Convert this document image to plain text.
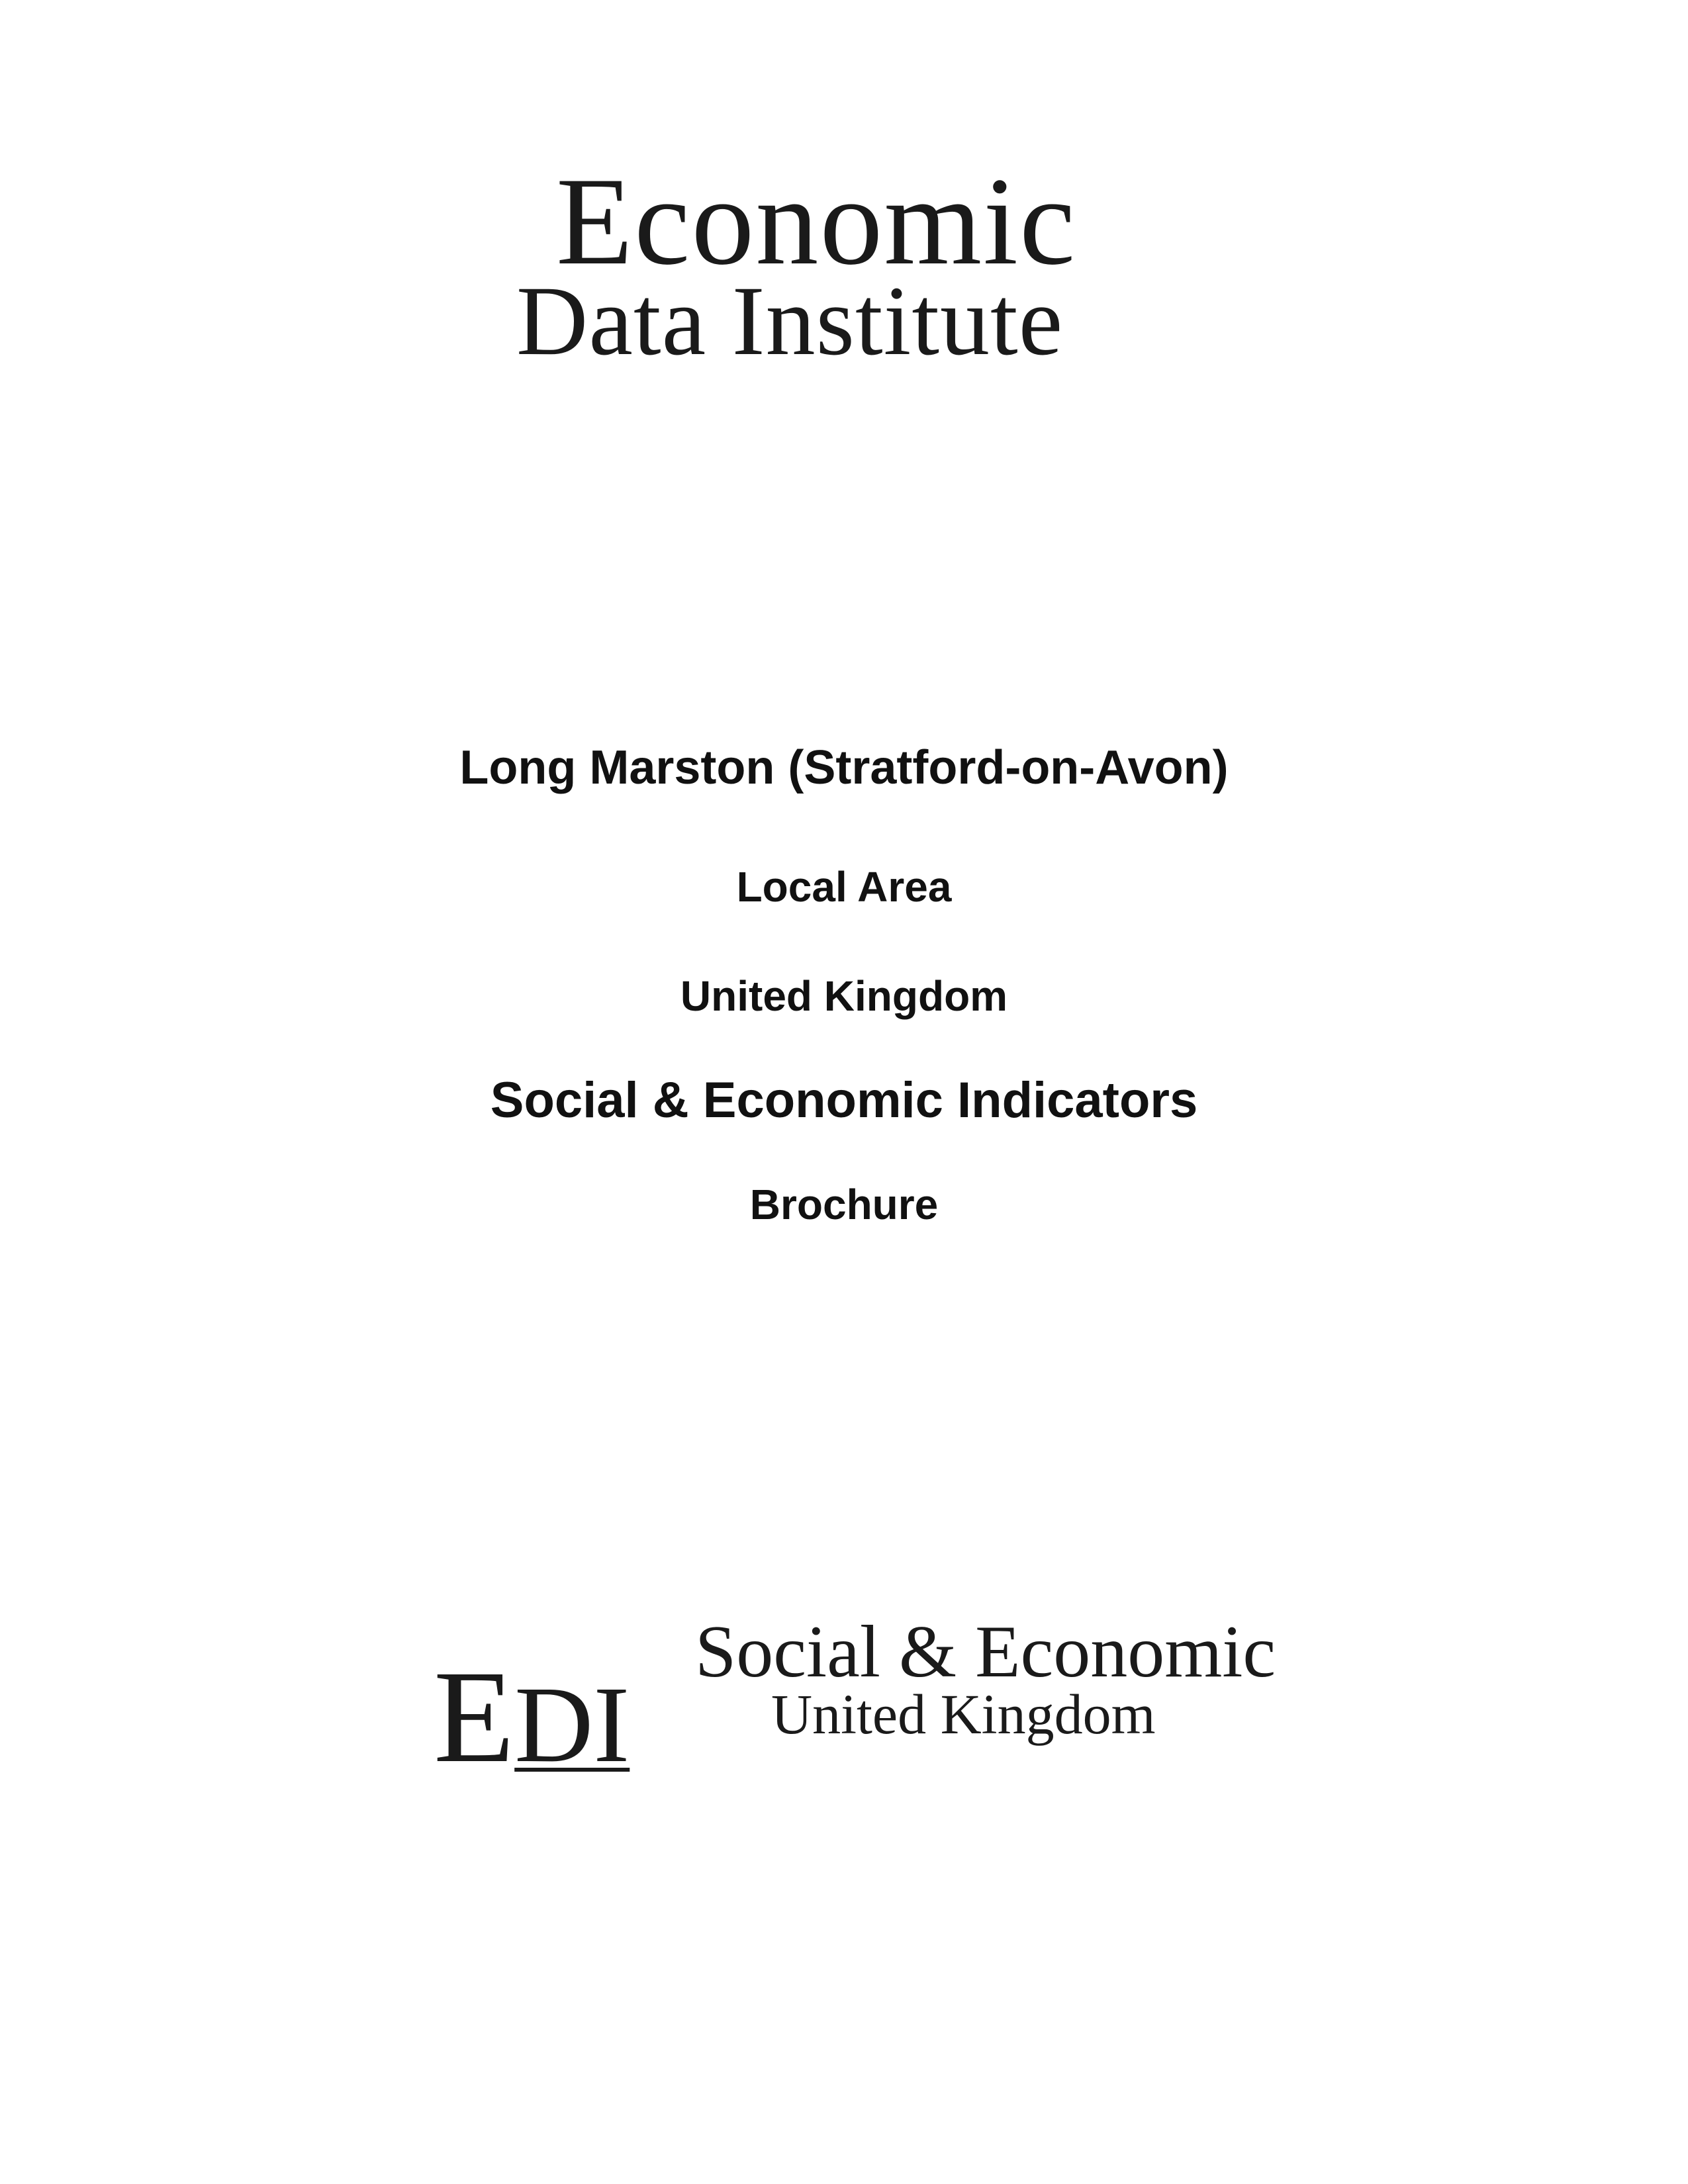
Economic
Data Institute
Long Marston (Stratford-on-Avon)
Local Area
United Kingdom
Social & Economic Indicators
Brochure
EDI
Social & Economic
United Kingdom
